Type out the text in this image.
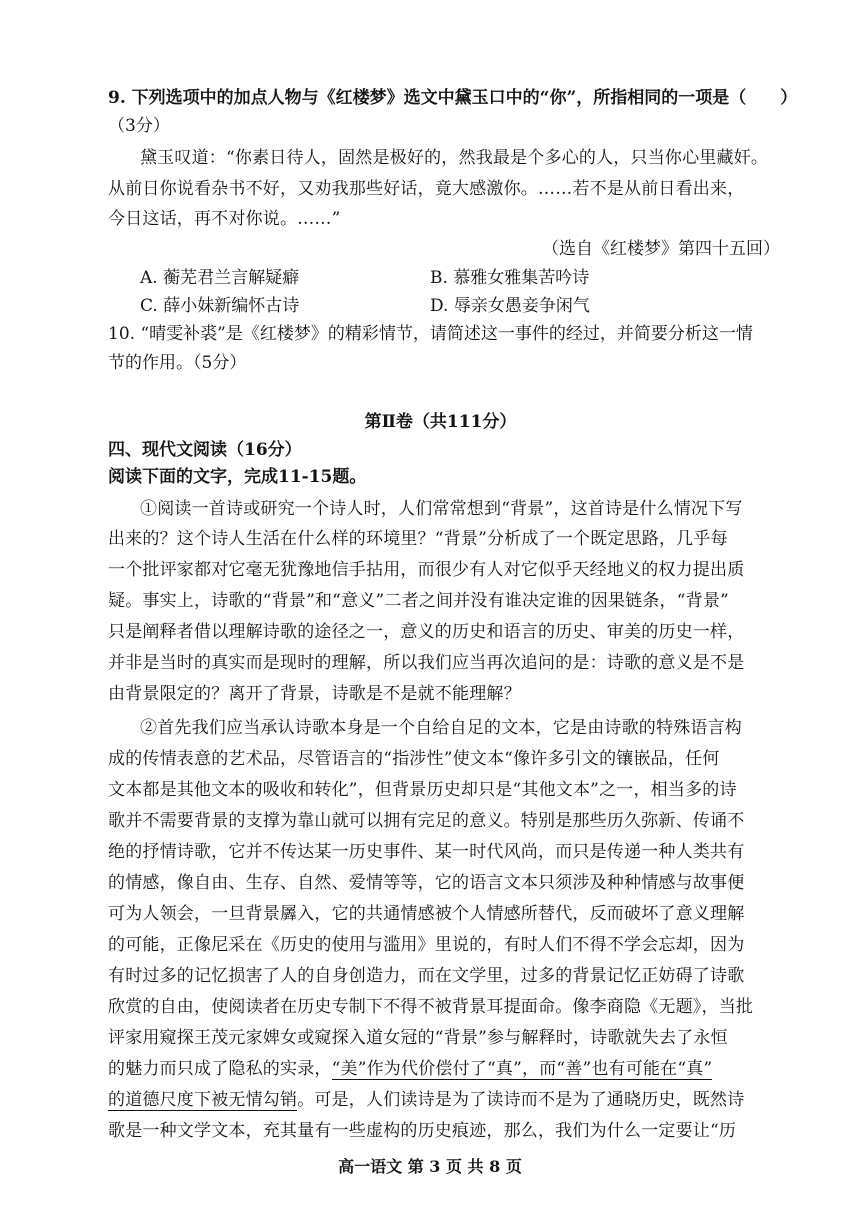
9. 下列选项中的加点人物与《红楼梦》选文中黛玉口中的“你”，所指相同的一项是（ ）
（3分）
黛玉叹道：“你素日待人，固然是极好的，然我最是个多心的人，只当你心里藏奸。
从前日你说看杂书不好，又劝我那些好话，竟大感激你。……若不是从前日看出来，
今日这话，再不对你说。……”
（选自《红楼梦》第四十五回）
A. 蘅芜君兰言解疑癖	B. 慕雅女雅集苦吟诗
C. 薛小妹新编怀古诗	D. 辱亲女愚妾争闲气
10. “晴雯补裘”是《红楼梦》的精彩情节，请简述这一事件的经过，并简要分析这一情
节的作用。（5分）
第Ⅱ卷（共111分）
四、现代文阅读（16分）
阅读下面的文字，完成11-15题。
①阅读一首诗或研究一个诗人时，人们常常想到“背景”，这首诗是什么情况下写
出来的？这个诗人生活在什么样的环境里？“背景”分析成了一个既定思路，几乎每
一个批评家都对它毫无犹豫地信手拈用，而很少有人对它似乎天经地义的权力提出质
疑。事实上，诗歌的“背景”和“意义”二者之间并没有谁决定谁的因果链条，“背景”
只是阐释者借以理解诗歌的途径之一，意义的历史和语言的历史、审美的历史一样，
并非是当时的真实而是现时的理解，所以我们应当再次追问的是：诗歌的意义是不是
由背景限定的？离开了背景，诗歌是不是就不能理解？
②首先我们应当承认诗歌本身是一个自给自足的文本，它是由诗歌的特殊语言构
成的传情表意的艺术品，尽管语言的“指涉性”使文本“像许多引文的镶嵌品，任何
文本都是其他文本的吸收和转化”，但背景历史却只是“其他文本”之一，相当多的诗
歌并不需要背景的支撑为靠山就可以拥有完足的意义。特别是那些历久弥新、传诵不
绝的抒情诗歌，它并不传达某一历史事件、某一时代风尚，而只是传递一种人类共有
的情感，像自由、生存、自然、爱情等等，它的语言文本只须涉及种种情感与故事便
可为人领会，一旦背景羼入，它的共通情感被个人情感所替代，反而破坏了意义理解
的可能，正像尼采在《历史的使用与滥用》里说的，有时人们不得不学会忘却，因为
有时过多的记忆损害了人的自身创造力，而在文学里，过多的背景记忆正妨碍了诗歌
欣赏的自由，使阅读者在历史专制下不得不被背景耳提面命。像李商隐《无题》，当批
评家用窥探王茂元家婢女或窥探入道女冠的“背景”参与解释时，诗歌就失去了永恒
的魅力而只成了隐私的实录，“美”作为代价偿付了“真”，而“善”也有可能在“真”
的道德尺度下被无情勾销。可是，人们读诗是为了读诗而不是为了通晓历史，既然诗
歌是一种文学文本，充其量有一些虚构的历史痕迹，那么，我们为什么一定要让“历
高一语文 第 3 页 共 8 页
